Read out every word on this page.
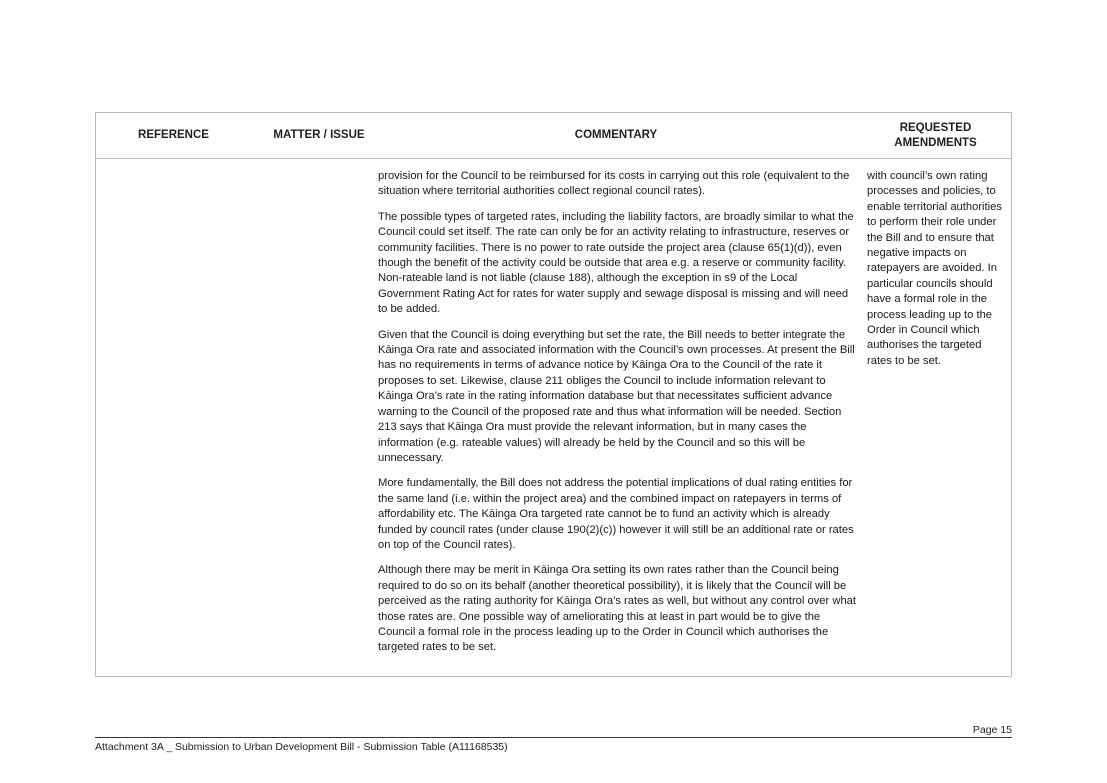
REFERENCE	MATTER / ISSUE	COMMENTARY
REQUESTED
AMENDMENTS

provision for the Council to be reimbursed for its costs in carrying out this role (equivalent to the situation where territorial authorities collect regional council rates).

The possible types of targeted rates, including the liability factors, are broadly similar to what the Council could set itself. The rate can only be for an activity relating to infrastructure, reserves or community facilities. There is no power to rate outside the project area (clause 65(1)(d)), even though the benefit of the activity could be outside that area e.g. a reserve or community facility. Non-rateable land is not liable (clause 188), although the exception in s9 of the Local Government Rating Act for rates for water supply and sewage disposal is missing and will need to be added.

Given that the Council is doing everything but set the rate, the Bill needs to better integrate the Kāinga Ora rate and associated information with the Council’s own processes. At present the Bill has no requirements in terms of advance notice by Kāinga Ora to the Council of the rate it proposes to set. Likewise, clause 211 obliges the Council to include information relevant to Kāinga Ora’s rate in the rating information database but that necessitates sufficient advance warning to the Council of the proposed rate and thus what information will be needed. Section 213 says that Kāinga Ora must provide the relevant information, but in many cases the information (e.g. rateable values) will already be held by the Council and so this will be unnecessary.

More fundamentally, the Bill does not address the potential implications of dual rating entities for the same land (i.e. within the project area) and the combined impact on ratepayers in terms of affordability etc. The Kāinga Ora targeted rate cannot be to fund an activity which is already funded by council rates (under clause 190(2)(c)) however it will still be an additional rate or rates on top of the Council rates).

Although there may be merit in Kāinga Ora setting its own rates rather than the Council being required to do so on its behalf (another theoretical possibility), it is likely that the Council will be perceived as the rating authority for Kāinga Ora’s rates as well, but without any control over what those rates are. One possible way of ameliorating this at least in part would be to give the Council a formal role in the process leading up to the Order in Council which authorises the targeted rates to be set.

with council’s own rating processes and policies, to enable territorial authorities to perform their role under the Bill and to ensure that negative impacts on ratepayers are avoided. In particular councils should have a formal role in the process leading up to the Order in Council which authorises the targeted rates to be set.
Page 15
Attachment 3A _ Submission to Urban Development Bill - Submission Table (A11168535)
